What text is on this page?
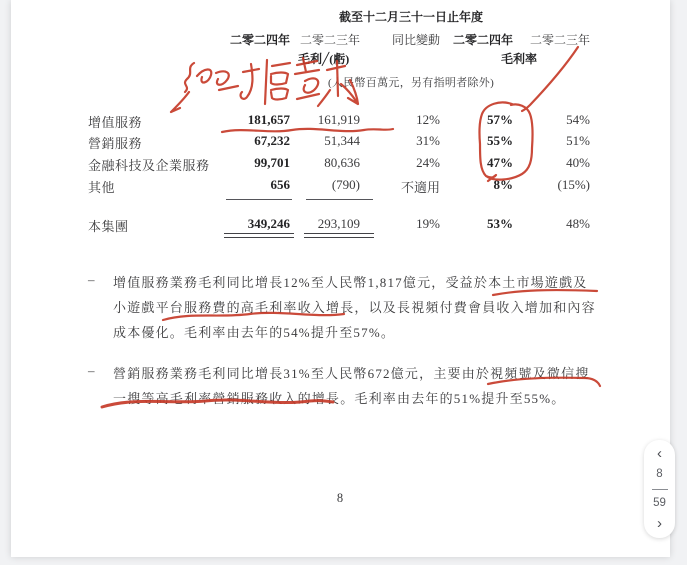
截至十二月三十一日止年度
二零二四年 二零二三年	同比變動	二零二四年	二零二三年
毛利╱(虧)	毛利率
(人民幣百萬元，另有指明者除外)
增值服務	181,657	161,919	12%	57%	54%
營銷服務	67,232	51,344	31%	55%	51%
金融科技及企業服務	99,701	80,636	24%	47%	40%
其他	656	(790)	不適用	8%	(15%)
本集團	349,246	293,109	19%	53%	48%
– 增值服務業務毛利同比增長12%至人民幣1,817億元，受益於本土市場遊戲及
小遊戲平台服務費的高毛利率收入增長，以及長視頻付費會員收入增加和內容
成本優化。毛利率由去年的54%提升至57%。
– 營銷服務業務毛利同比增長31%至人民幣672億元，主要由於視頻號及微信搜
一搜等高毛利率營銷服務收入的增長。毛利率由去年的51%提升至55%。
8
‹
8
59
›
